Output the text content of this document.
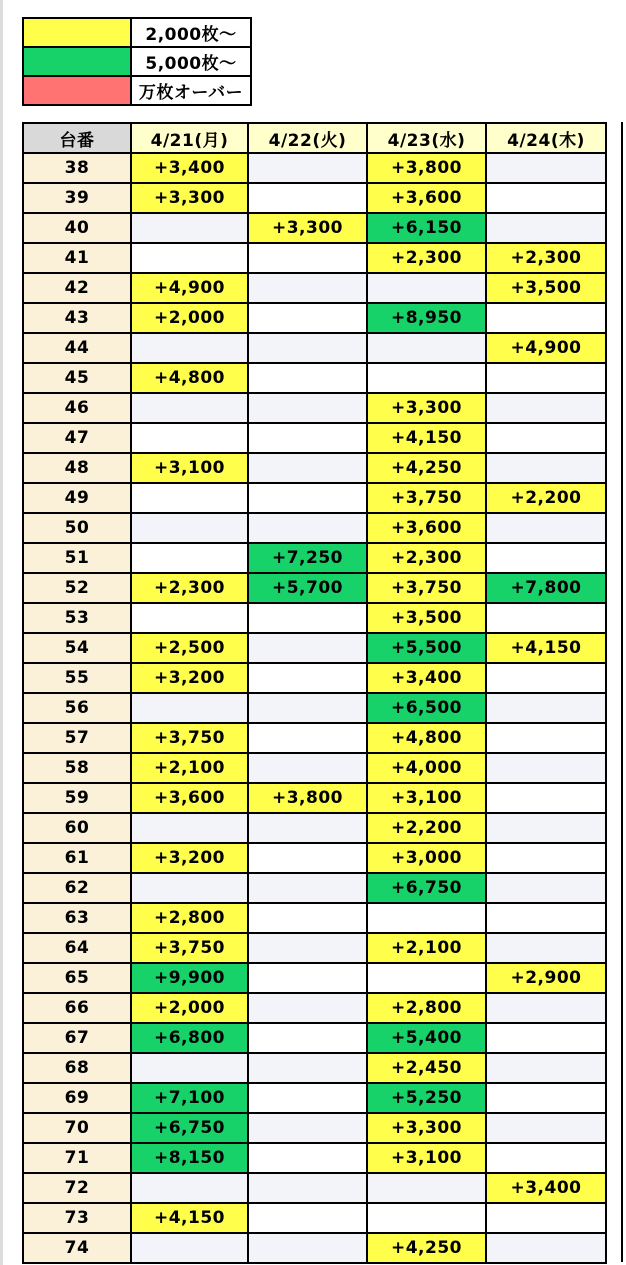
	2,000枚〜
	5,000枚〜
	万枚オーバー
台番	4/21(月)	4/22(火)	4/23(水)	4/24(木)
38	+3,400		+3,800	
39	+3,300		+3,600	
40		+3,300	+6,150	
41			+2,300	+2,300
42	+4,900			+3,500
43	+2,000		+8,950	
44				+4,900
45	+4,800			
46			+3,300	
47			+4,150	
48	+3,100		+4,250	
49			+3,750	+2,200
50			+3,600	
51		+7,250	+2,300	
52	+2,300	+5,700	+3,750	+7,800
53			+3,500	
54	+2,500		+5,500	+4,150
55	+3,200		+3,400	
56			+6,500	
57	+3,750		+4,800	
58	+2,100		+4,000	
59	+3,600	+3,800	+3,100	
60			+2,200	
61	+3,200		+3,000	
62			+6,750	
63	+2,800			
64	+3,750		+2,100	
65	+9,900			+2,900
66	+2,000		+2,800	
67	+6,800		+5,400	
68			+2,450	
69	+7,100		+5,250	
70	+6,750		+3,300	
71	+8,150		+3,100	
72				+3,400
73	+4,150			
74			+4,250	
